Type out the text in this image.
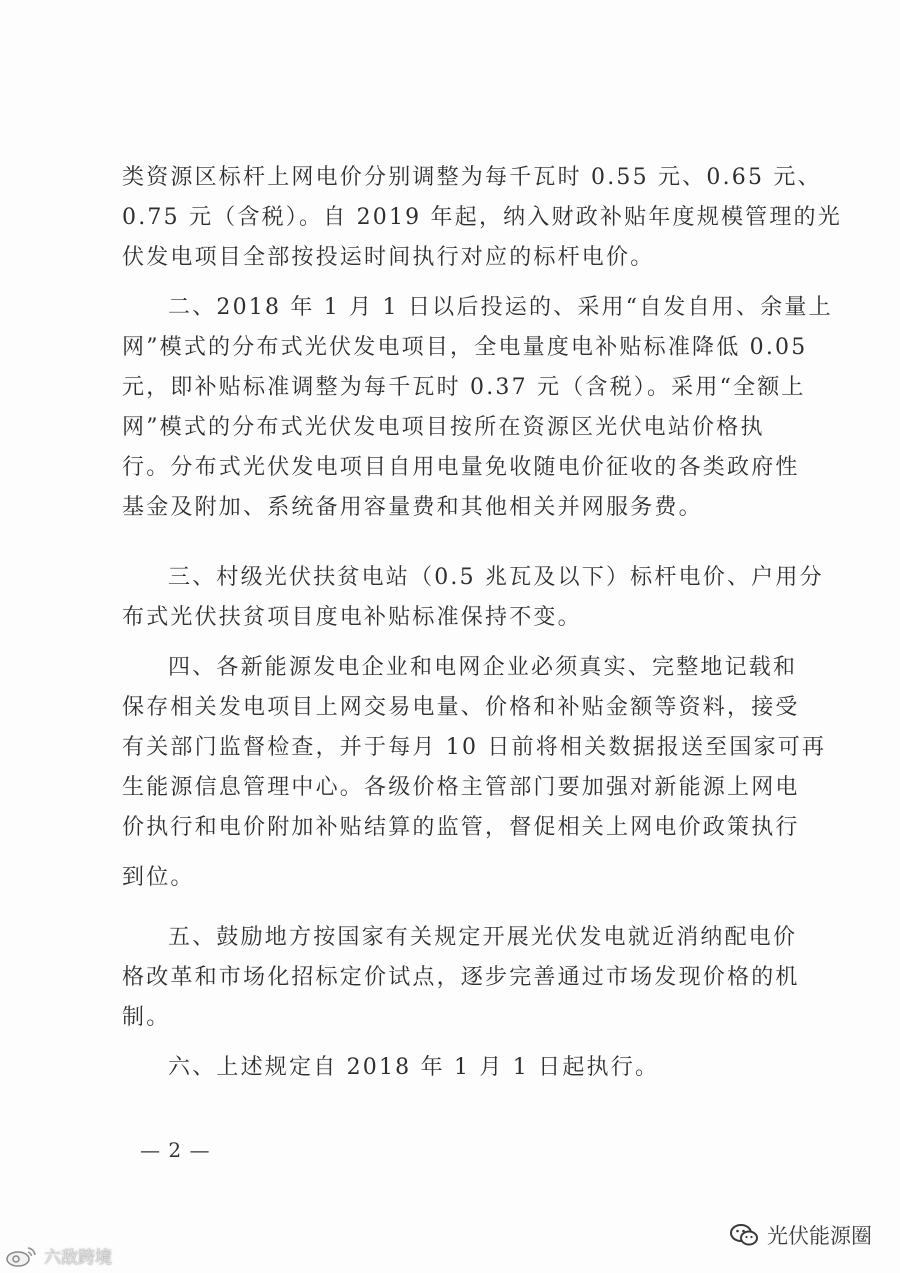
类资源区标杆上网电价分别调整为每千瓦时 0.55 元、0.65 元、
0.75 元（含税）。自 2019 年起，纳入财政补贴年度规模管理的光
伏发电项目全部按投运时间执行对应的标杆电价。
二、2018 年 1 月 1 日以后投运的、采用“自发自用、余量上
网”模式的分布式光伏发电项目，全电量度电补贴标准降低 0.05
元，即补贴标准调整为每千瓦时 0.37 元（含税）。采用“全额上
网”模式的分布式光伏发电项目按所在资源区光伏电站价格执
行。分布式光伏发电项目自用电量免收随电价征收的各类政府性
基金及附加、系统备用容量费和其他相关并网服务费。
三、村级光伏扶贫电站（0.5 兆瓦及以下）标杆电价、户用分
布式光伏扶贫项目度电补贴标准保持不变。
四、各新能源发电企业和电网企业必须真实、完整地记载和
保存相关发电项目上网交易电量、价格和补贴金额等资料，接受
有关部门监督检查，并于每月 10 日前将相关数据报送至国家可再
生能源信息管理中心。各级价格主管部门要加强对新能源上网电
价执行和电价附加补贴结算的监管，督促相关上网电价政策执行
到位。
五、鼓励地方按国家有关规定开展光伏发电就近消纳配电价
格改革和市场化招标定价试点，逐步完善通过市场发现价格的机
制。
六、上述规定自 2018 年 1 月 1 日起执行。
— 2 —
光伏能源圈
六敌跨境
